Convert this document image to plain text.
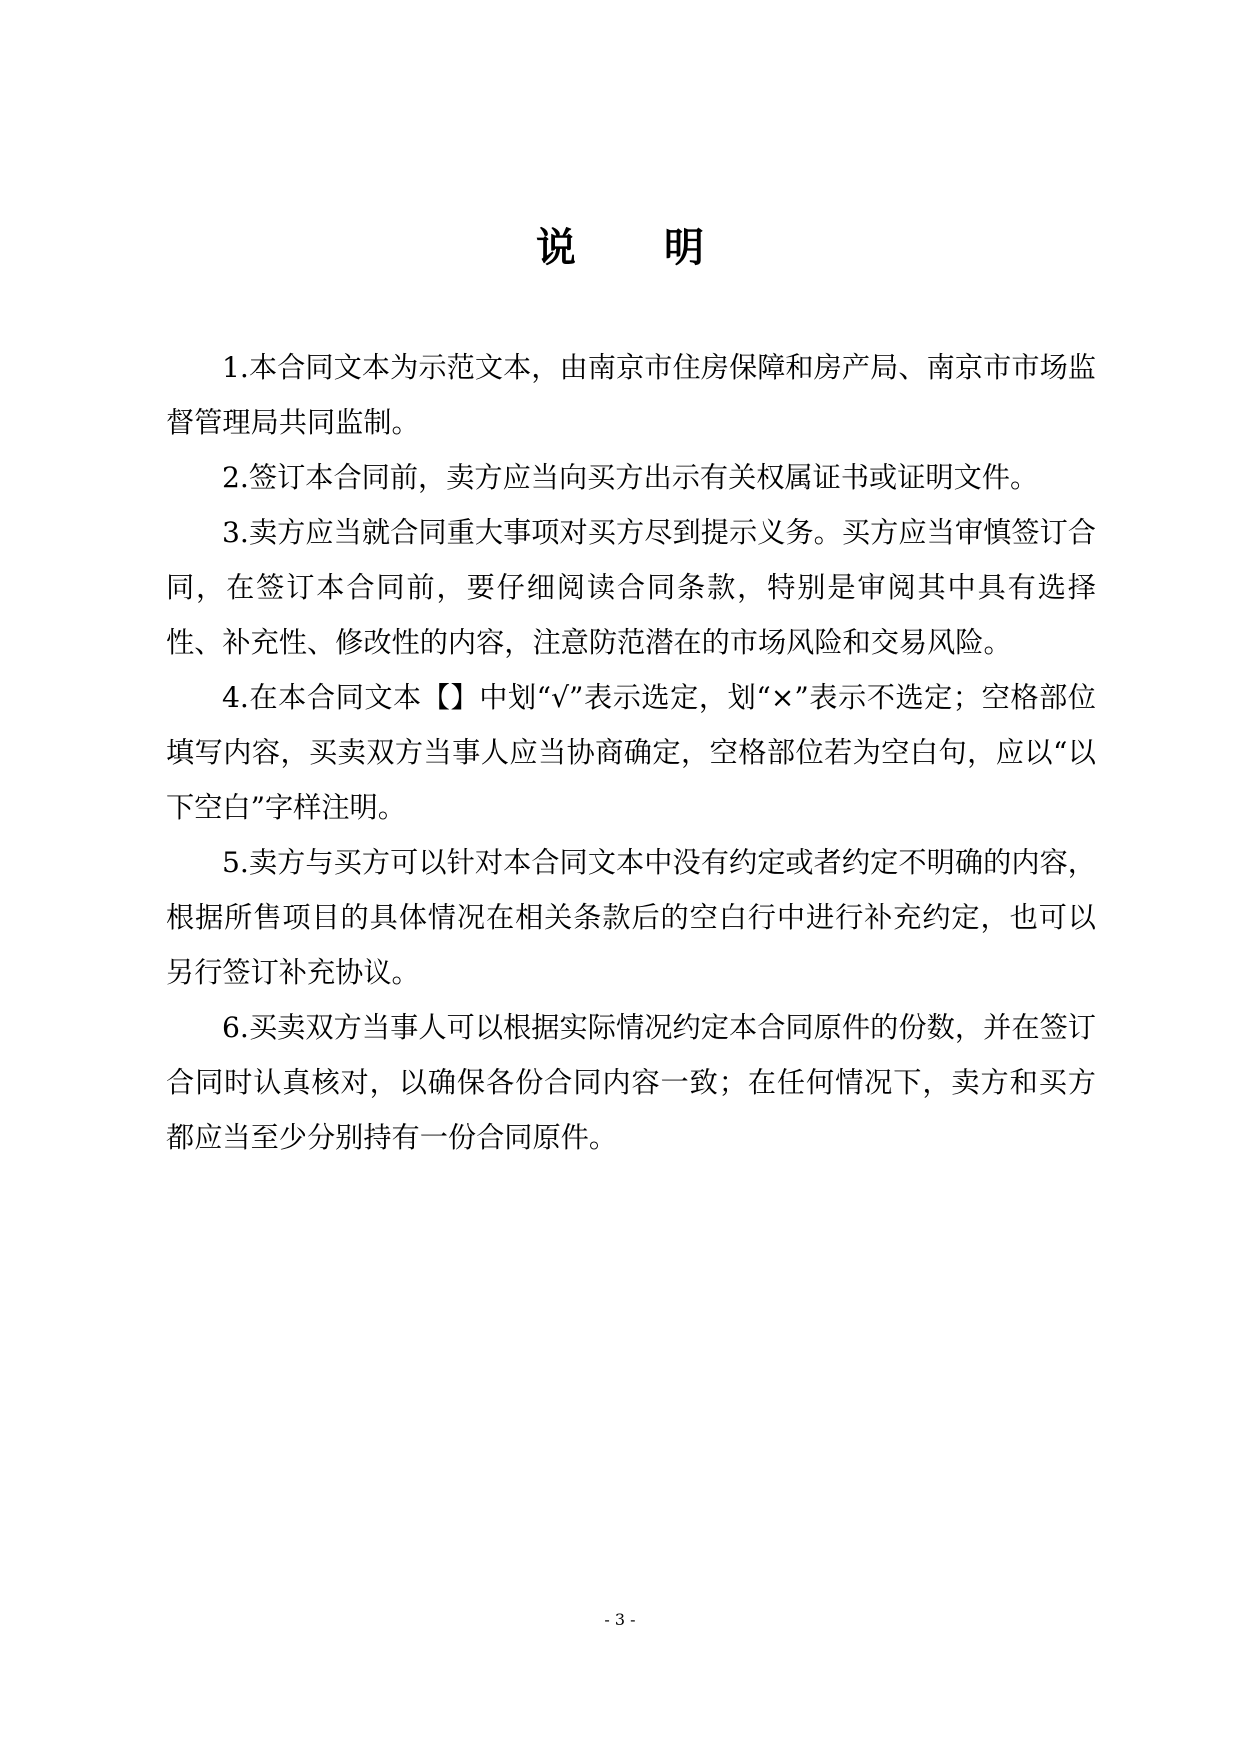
说 明

1.本合同文本为示范文本，由南京市住房保障和房产局、南京市市场监督管理局共同监制。

2.签订本合同前，卖方应当向买方出示有关权属证书或证明文件。

3.卖方应当就合同重大事项对买方尽到提示义务。买方应当审慎签订合同，在签订本合同前，要仔细阅读合同条款，特别是审阅其中具有选择性、补充性、修改性的内容，注意防范潜在的市场风险和交易风险。

4.在本合同文本【】中划“√”表示选定，划“×”表示不选定；空格部位填写内容，买卖双方当事人应当协商确定，空格部位若为空白句，应以“以下空白”字样注明。

5.卖方与买方可以针对本合同文本中没有约定或者约定不明确的内容，根据所售项目的具体情况在相关条款后的空白行中进行补充约定，也可以另行签订补充协议。

6.买卖双方当事人可以根据实际情况约定本合同原件的份数，并在签订合同时认真核对，以确保各份合同内容一致；在任何情况下，卖方和买方都应当至少分别持有一份合同原件。

- 3 -
